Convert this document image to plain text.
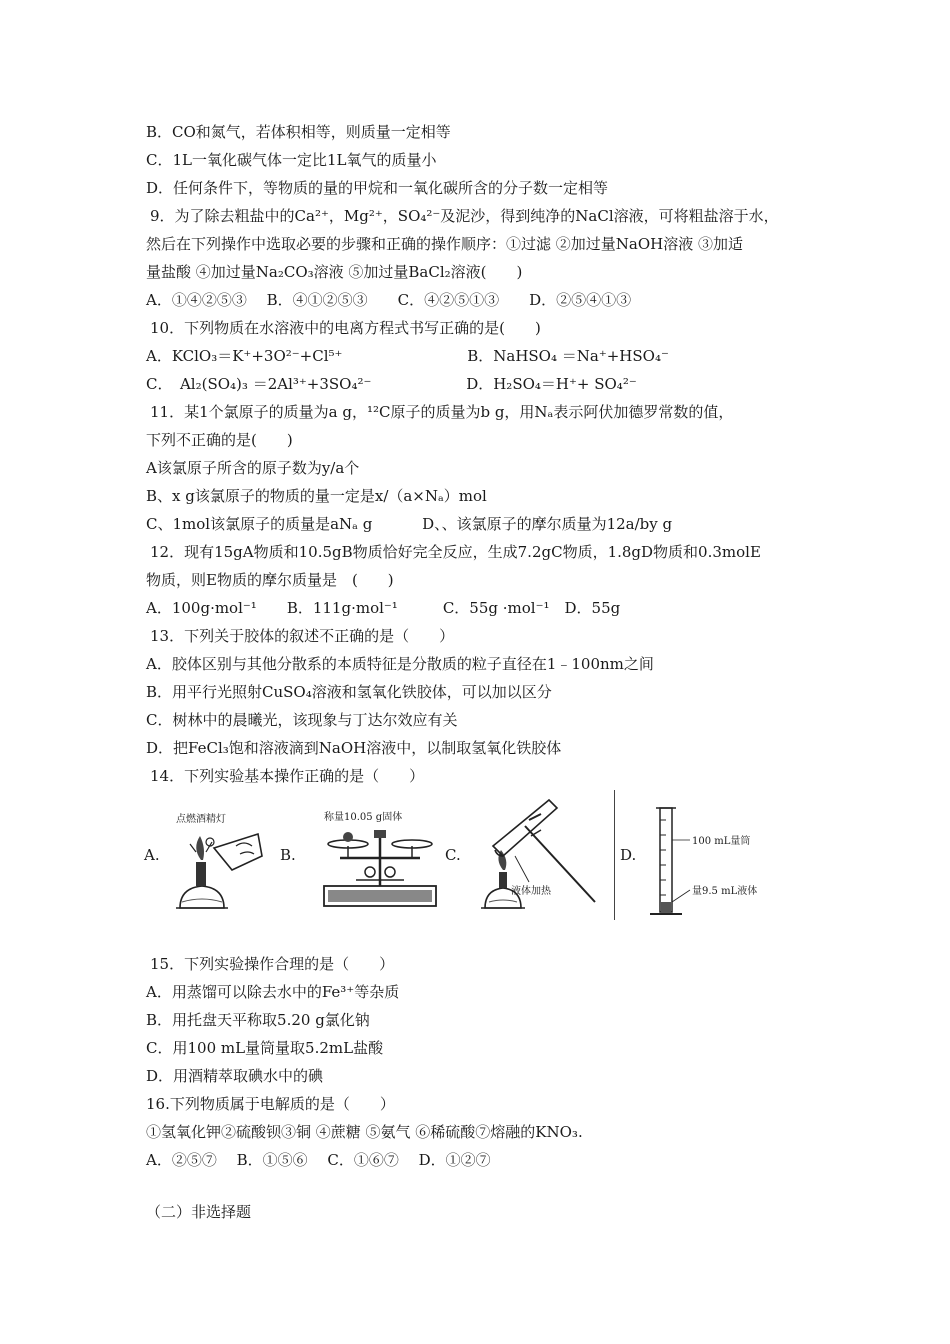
B．CO和氮气，若体积相等，则质量一定相等
C．1L一氧化碳气体一定比1L氧气的质量小
D．任何条件下，等物质的量的甲烷和一氧化碳所含的分子数一定相等
9．为了除去粗盐中的Ca²⁺，Mg²⁺，SO₄²⁻及泥沙，得到纯净的NaCl溶液，可将粗盐溶于水，
然后在下列操作中选取必要的步骤和正确的操作顺序：①过滤 ②加过量NaOH溶液 ③加适
量盐酸 ④加过量Na₂CO₃溶液 ⑤加过量BaCl₂溶液(　　)
A．①④②⑤③　 B．④①②⑤③　　C．④②⑤①③　　D．②⑤④①③
10．下列物质在水溶液中的电离方程式书写正确的是(　　)
A．KClO₃＝K⁺+3O²⁻+Cl⁵⁺　　　　　　　　 B．NaHSO₄ ＝Na⁺+HSO₄⁻
C．　Al₂(SO₄)₃ ＝2Al³⁺+3SO₄²⁻　　　　　　 D．H₂SO₄＝H⁺+ SO₄²⁻
11．某1个氯原子的质量为a g，¹²C原子的质量为b g，用Nₐ表示阿伏加德罗常数的值，
下列不正确的是(　　)
A该氯原子所含的原子数为y/a个
B、x g该氯原子的物质的量一定是x/（a×Nₐ）mol
C、1mol该氯原子的质量是aNₐ g　　　 D、、该氯原子的摩尔质量为12a/by g
12．现有15gA物质和10.5gB物质恰好完全反应，生成7.2gC物质，1.8gD物质和0.3molE
物质，则E物质的摩尔质量是　(　　)
A．100g·mol⁻¹　　B．111g·mol⁻¹　　　C．55g ·mol⁻¹　D．55g
13．下列关于胶体的叙述不正确的是（　　）
A．胶体区别与其他分散系的本质特征是分散质的粒子直径在1﹣100nm之间
B．用平行光照射CuSO₄溶液和氢氧化铁胶体，可以加以区分
C．树林中的晨曦光，该现象与丁达尔效应有关
D．把FeCl₃饱和溶液滴到NaOH溶液中，以制取氢氧化铁胶体
14．下列实验基本操作正确的是（　　）
A.
点燃酒精灯
B.
称量10.05 g固体
C.
液体加热
D.
100 mL量筒
量9.5 mL液体
15．下列实验操作合理的是（　　）
A．用蒸馏可以除去水中的Fe³⁺等杂质
B．用托盘天平称取5.20 g氯化钠
C．用100 mL量筒量取5.2mL盐酸
D．用酒精萃取碘水中的碘
16.下列物质属于电解质的是（　　）
①氢氧化钾②硫酸钡③铜 ④蔗糖 ⑤氨气 ⑥稀硫酸⑦熔融的KNO₃.
A．②⑤⑦　 B．①⑤⑥　 C．①⑥⑦　 D．①②⑦
（二）非选择题
